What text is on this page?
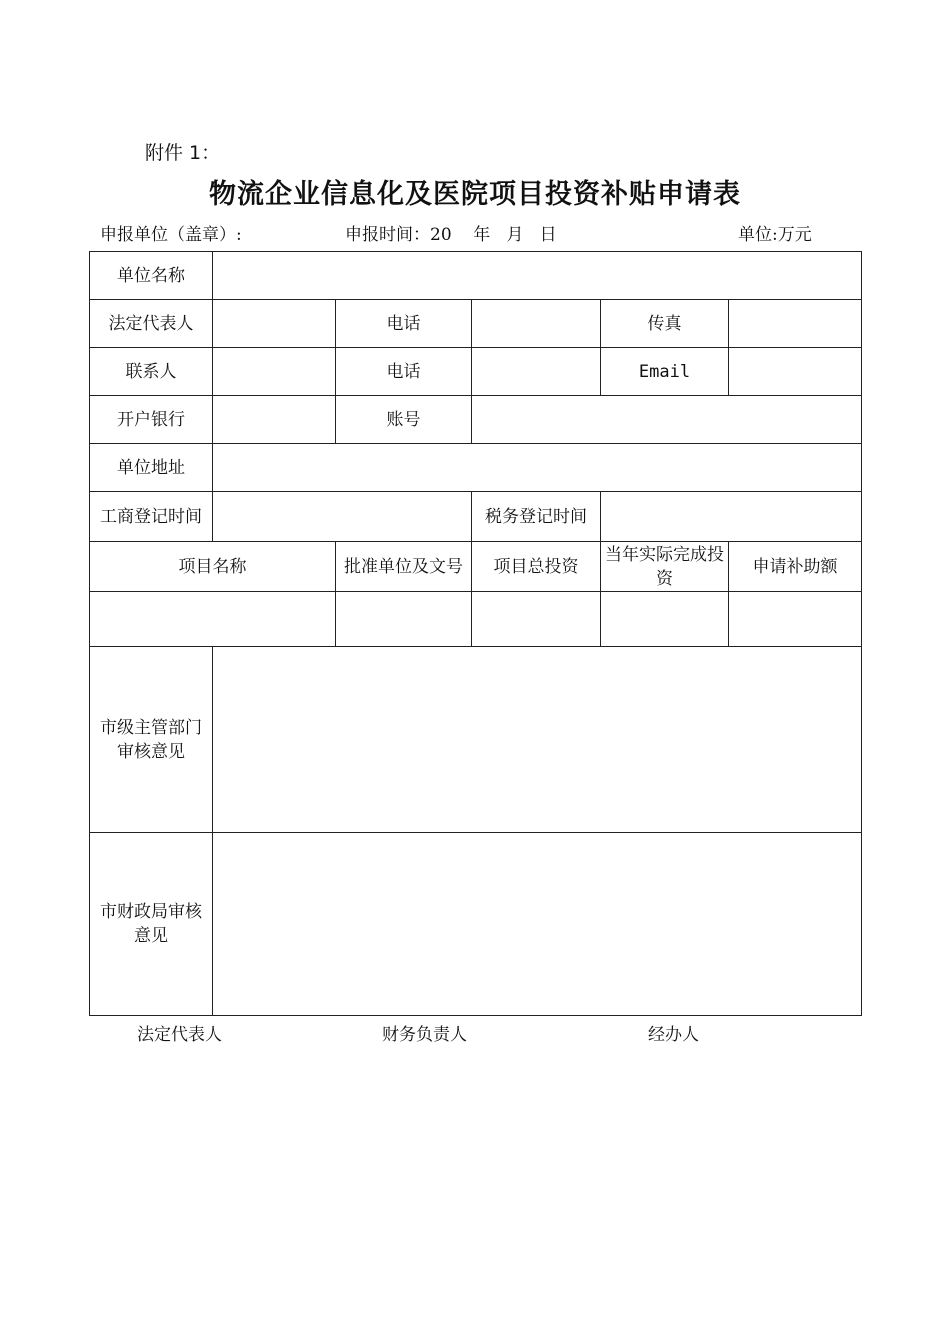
附件 1：
物流企业信息化及医院项目投资补贴申请表
申报单位（盖章）:	申报时间：20    年   月   日	单位:万元
单位名称					
法定代表人		电话		传真	
联系人		电话		Email	
开户银行		账号			
单位地址					
工商登记时间			税务登记时间		
项目名称		批准单位及文号	项目总投资	当年实际完成投资	申请补助额

市级主管部门审核意见					
市财政局审核意见					
法定代表人	财务负责人	经办人
